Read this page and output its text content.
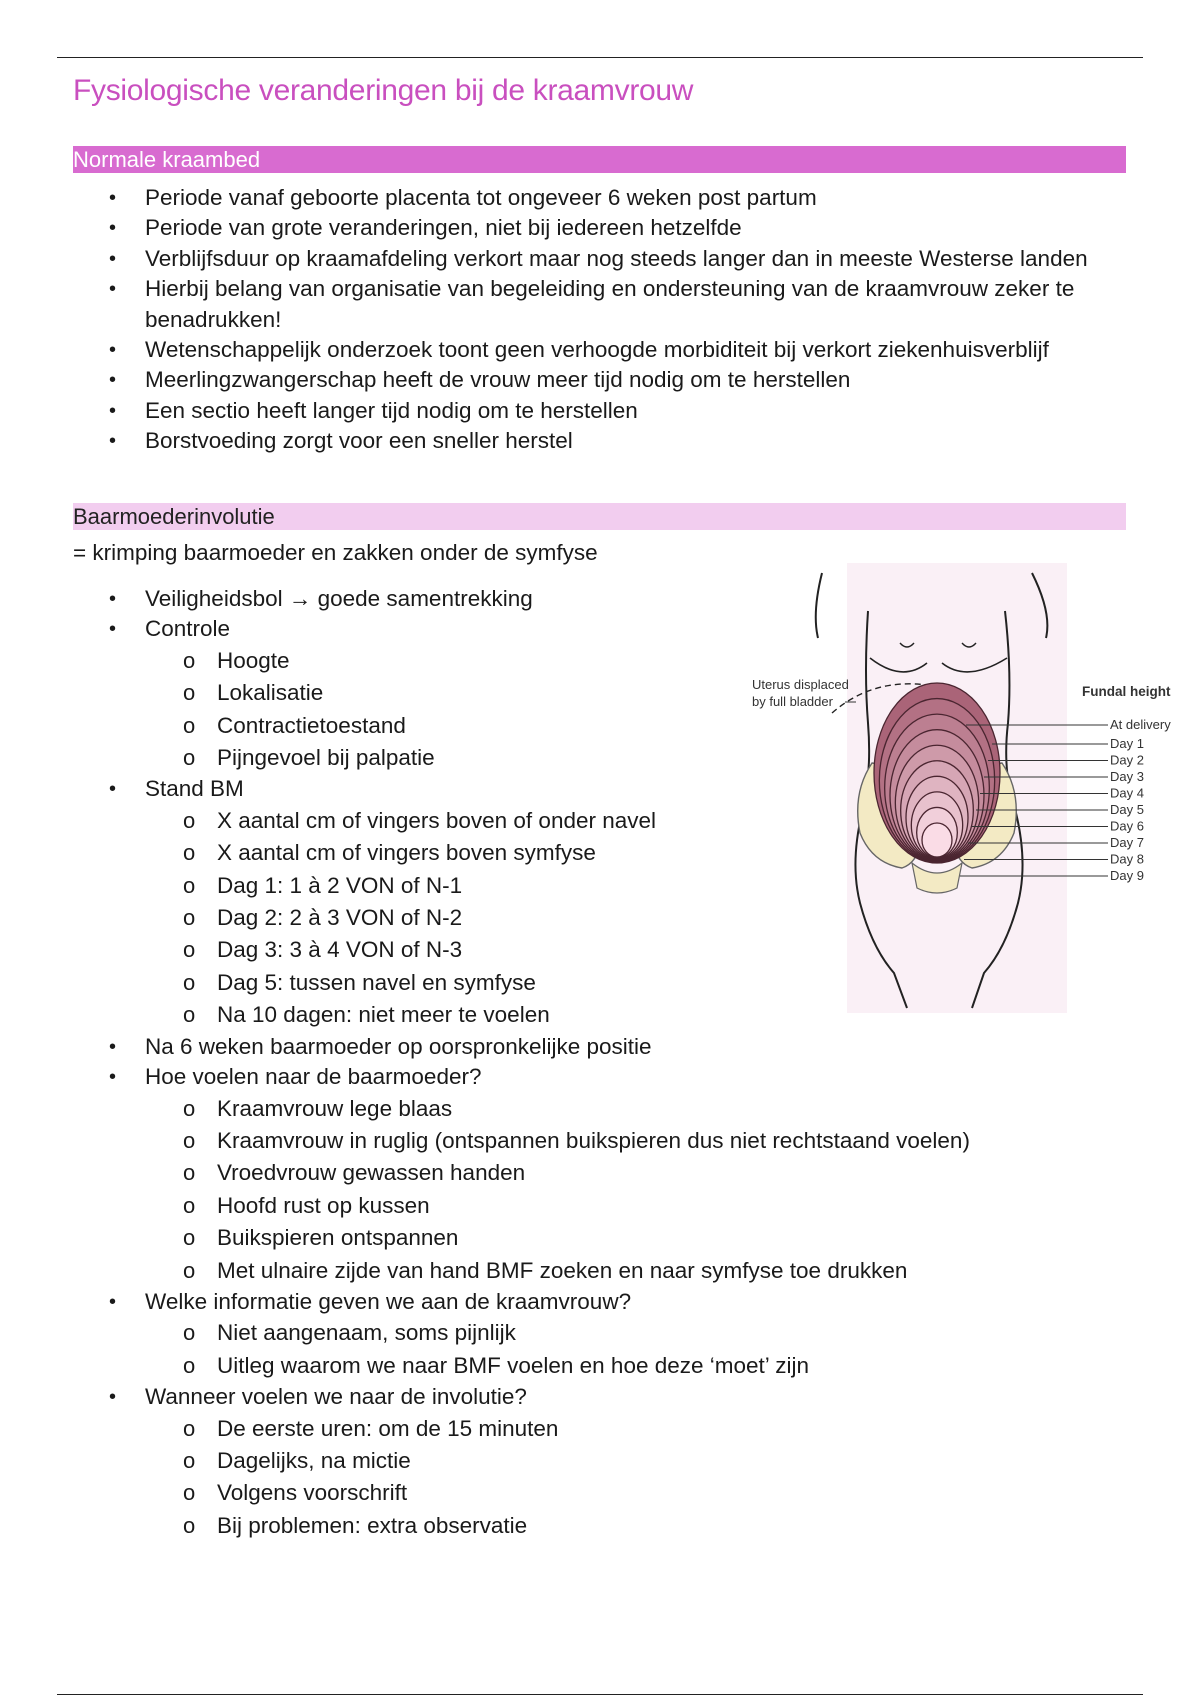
Fysiologische veranderingen bij de kraamvrouw
Normale kraambed
• Periode vanaf geboorte placenta tot ongeveer 6 weken post partum
• Periode van grote veranderingen, niet bij iedereen hetzelfde
• Verblijfsduur op kraamafdeling verkort maar nog steeds langer dan in meeste Westerse landen
• Hierbij belang van organisatie van begeleiding en ondersteuning van de kraamvrouw zeker te benadrukken!
• Wetenschappelijk onderzoek toont geen verhoogde morbiditeit bij verkort ziekenhuisverblijf
• Meerlingzwangerschap heeft de vrouw meer tijd nodig om te herstellen
• Een sectio heeft langer tijd nodig om te herstellen
• Borstvoeding zorgt voor een sneller herstel
Baarmoederinvolutie
= krimping baarmoeder en zakken onder de symfyse
• Veiligheidsbol → goede samentrekking
• Controle
o Hoogte
o Lokalisatie
o Contractietoestand
o Pijngevoel bij palpatie
• Stand BM
o X aantal cm of vingers boven of onder navel
o X aantal cm of vingers boven symfyse
o Dag 1: 1 à 2 VON of N-1
o Dag 2: 2 à 3 VON of N-2
o Dag 3: 3 à 4 VON of N-3
o Dag 5: tussen navel en symfyse
o Na 10 dagen: niet meer te voelen
• Na 6 weken baarmoeder op oorspronkelijke positie
• Hoe voelen naar de baarmoeder?
o Kraamvrouw lege blaas
o Kraamvrouw in ruglig (ontspannen buikspieren dus niet rechtstaand voelen)
o Vroedvrouw gewassen handen
o Hoofd rust op kussen
o Buikspieren ontspannen
o Met ulnaire zijde van hand BMF zoeken en naar symfyse toe drukken
• Welke informatie geven we aan de kraamvrouw?
o Niet aangenaam, soms pijnlijk
o Uitleg waarom we naar BMF voelen en hoe deze ‘moet’ zijn
• Wanneer voelen we naar de involutie?
o De eerste uren: om de 15 minuten
o Dagelijks, na mictie
o Volgens voorschrift
o Bij problemen: extra observatie
Uterus displaced
by full bladder
Fundal height
At delivery
Day 1
Day 2
Day 3
Day 4
Day 5
Day 6
Day 7
Day 8
Day 9
